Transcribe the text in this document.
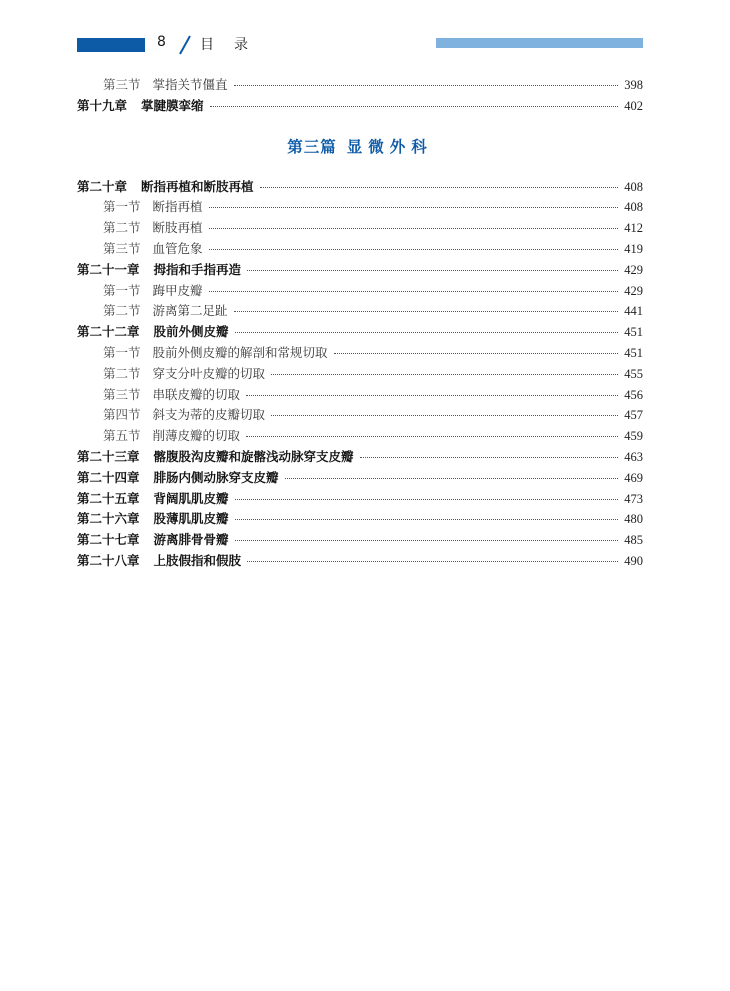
8 目录
第三节 掌指关节僵直	398
第十九章 掌腱膜挛缩	402
第三篇 显微外科
第二十章 断指再植和断肢再植	408
第一节 断指再植	408
第二节 断肢再植	412
第三节 血管危象	419
第二十一章 拇指和手指再造	429
第一节 踇甲皮瓣	429
第二节 游离第二足趾	441
第二十二章 股前外侧皮瓣	451
第一节 股前外侧皮瓣的解剖和常规切取	451
第二节 穿支分叶皮瓣的切取	455
第三节 串联皮瓣的切取	456
第四节 斜支为蒂的皮瓣切取	457
第五节 削薄皮瓣的切取	459
第二十三章 髂腹股沟皮瓣和旋髂浅动脉穿支皮瓣	463
第二十四章 腓肠内侧动脉穿支皮瓣	469
第二十五章 背阔肌肌皮瓣	473
第二十六章 股薄肌肌皮瓣	480
第二十七章 游离腓骨骨瓣	485
第二十八章 上肢假指和假肢	490
